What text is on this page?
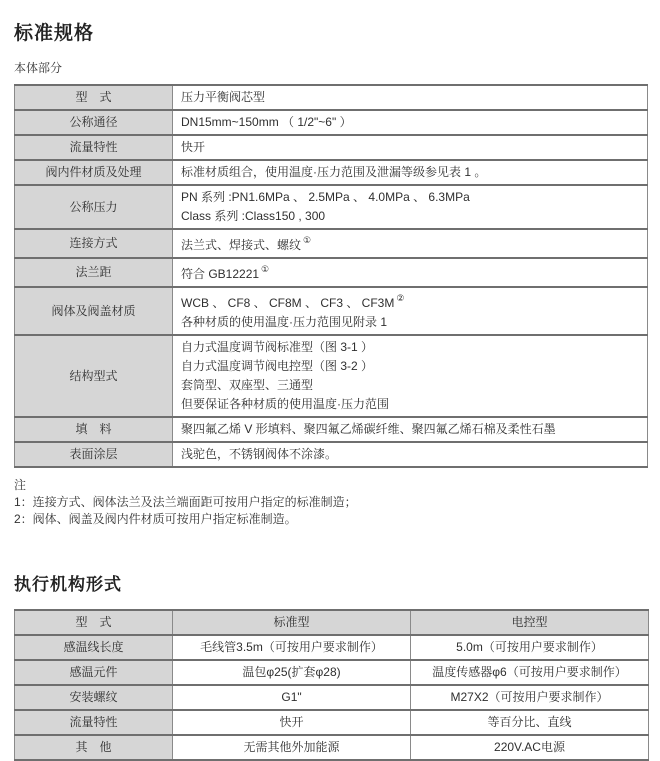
标准规格
本体部分
型　式	压力平衡阀芯型
公称通径	DN15mm~150mm （ 1/2"~6" ）
流量特性	快开
阀内件材质及处理	标准材质组合，使用温度·压力范围及泄漏等级参见表 1 。
公称压力	PN 系列 :PN1.6MPa 、 2.5MPa 、 4.0MPa 、 6.3MPa
Class 系列 :Class150 , 300

连接方式	法兰式、焊接式、螺纹 ①
法兰距	符合 GB12221 ①
阀体及阀盖材质	WCB 、 CF8 、 CF8M 、 CF3 、 CF3M ②
各种材质的使用温度·压力范围见附录 1

结构型式	自力式温度调节阀标准型（图 3-1 ）
自力式温度调节阀电控型（图 3-2 ）
套筒型、双座型、三通型
但要保证各种材质的使用温度·压力范围

填　料	聚四氟乙烯 V 形填料、聚四氟乙烯碳纤维、聚四氟乙烯石棉及柔性石墨
表面涂层	浅驼色，不锈钢阀体不涂漆。
注
1：连接方式、阀体法兰及法兰端面距可按用户指定的标准制造；
2：阀体、阀盖及阀内件材质可按用户指定标准制造。
执行机构形式
型　式	标准型	电控型
感温线长度	毛线管3.5m（可按用户要求制作）	5.0m（可按用户要求制作）
感温元件	温包φ25(扩套φ28)	温度传感器φ6（可按用户要求制作）
安装螺纹	G1"	M27X2（可按用户要求制作）
流量特性	快开	等百分比、直线
其　他	无需其他外加能源	220V.AC电源
